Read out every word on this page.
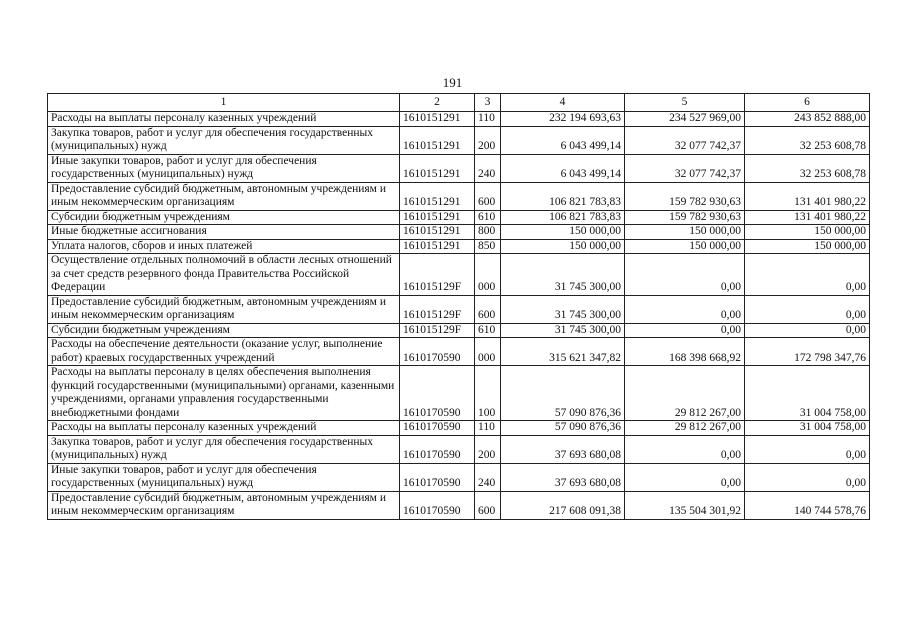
191
1	2	3	4	5	6
Расходы на выплаты персоналу казенных учреждений	1610151291	110	232 194 693,63	234 527 969,00	243 852 888,00
Закупка товаров, работ и услуг для обеспечения государственных (муниципальных) нужд	1610151291	200	6 043 499,14	32 077 742,37	32 253 608,78
Иные закупки товаров, работ и услуг для обеспечения государственных (муниципальных) нужд	1610151291	240	6 043 499,14	32 077 742,37	32 253 608,78
Предоставление субсидий бюджетным, автономным учреждениям и иным некоммерческим организациям	1610151291	600	106 821 783,83	159 782 930,63	131 401 980,22
Субсидии бюджетным учреждениям	1610151291	610	106 821 783,83	159 782 930,63	131 401 980,22
Иные бюджетные ассигнования	1610151291	800	150 000,00	150 000,00	150 000,00
Уплата налогов, сборов и иных платежей	1610151291	850	150 000,00	150 000,00	150 000,00
Осуществление отдельных полномочий в области лесных отношений за счет средств резервного фонда Правительства Российской Федерации	161015129F	000	31 745 300,00	0,00	0,00
Предоставление субсидий бюджетным, автономным учреждениям и иным некоммерческим организациям	161015129F	600	31 745 300,00	0,00	0,00
Субсидии бюджетным учреждениям	161015129F	610	31 745 300,00	0,00	0,00
Расходы на обеспечение деятельности (оказание услуг, выполнение работ) краевых государственных учреждений	1610170590	000	315 621 347,82	168 398 668,92	172 798 347,76
Расходы на выплаты персоналу в целях обеспечения выполнения функций государственными (муниципальными) органами, казенными учреждениями, органами управления государственными внебюджетными фондами	1610170590	100	57 090 876,36	29 812 267,00	31 004 758,00
Расходы на выплаты персоналу казенных учреждений	1610170590	110	57 090 876,36	29 812 267,00	31 004 758,00
Закупка товаров, работ и услуг для обеспечения государственных (муниципальных) нужд	1610170590	200	37 693 680,08	0,00	0,00
Иные закупки товаров, работ и услуг для обеспечения государственных (муниципальных) нужд	1610170590	240	37 693 680,08	0,00	0,00
Предоставление субсидий бюджетным, автономным учреждениям и иным некоммерческим организациям	1610170590	600	217 608 091,38	135 504 301,92	140 744 578,76
